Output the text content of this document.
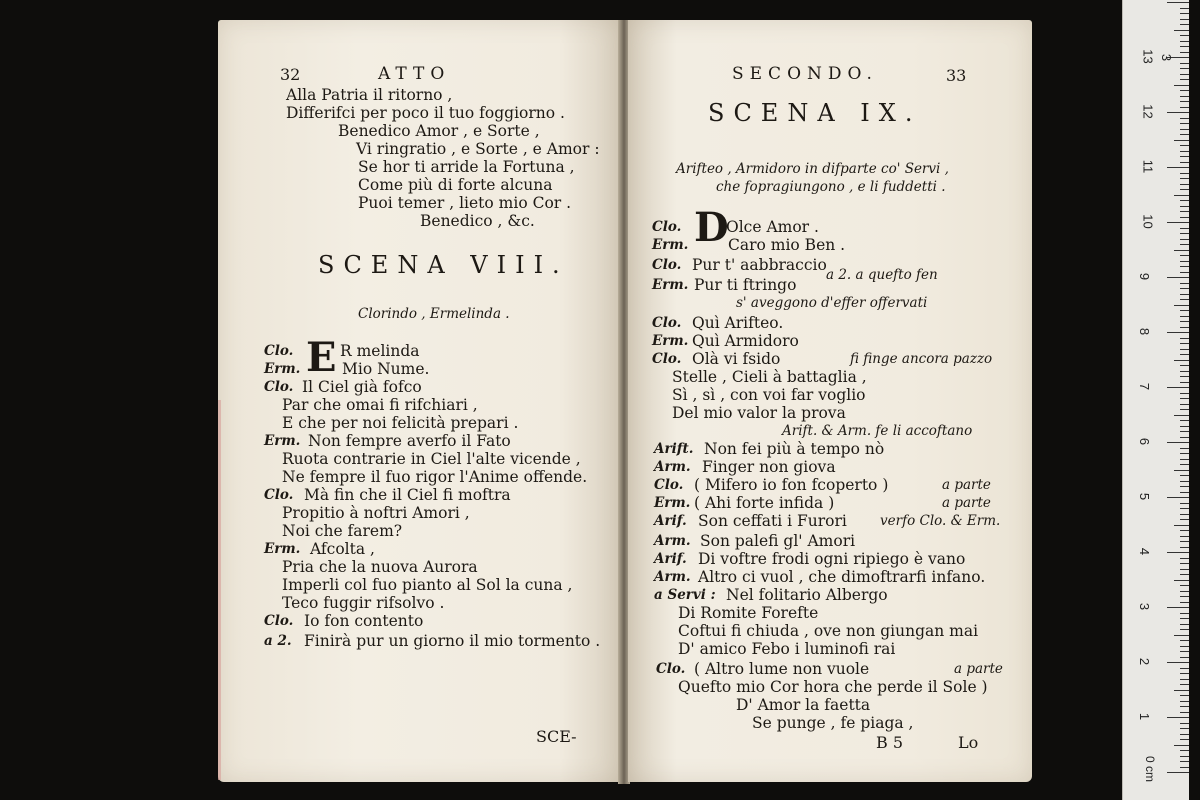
32	ATTO
Alla Patria il ritorno ,
Differifci per poco il tuo foggiorno .
Benedico Amor , e Sorte ,
Vi ringratio , e Sorte , e Amor :
Se hor ti arride la Fortuna ,
Come più di forte alcuna
Puoi temer , lieto mio Cor .
Benedico , &c.
SCENA VIII.
Clorindo , Ermelinda .
E
Clo.	R melinda
Erm.	Mio Nume.
Clo. Il Ciel già fofco
Par che omai fi rifchiari ,
E che per noi felicità prepari .
Erm. Non fempre averfo il Fato
Ruota contrarie in Ciel l'alte vicende ,
Ne fempre il fuo rigor l'Anime offende.
Clo. Mà fin che il Ciel fi moftra
Propitio à noftri Amori ,
Noi che farem?
Erm. Afcolta ,
Pria che la nuova Aurora
Imperli col fuo pianto al Sol la cuna ,
Teco fuggir rifsolvo .
Clo. Io fon contento
a 2. Finirà pur un giorno il mio tormento .
SCE-
SECONDO.	33
SCENA IX.
Arifteo , Armidoro in difparte co' Servi ,
che fopragiungono , e li fuddetti .
D
Clo.	Olce Amor .
Erm.	Caro mio Ben .
Clo. Pur t' aabbraccio
a 2. a quefto fen
Erm. Pur ti ftringo
s' aveggono d'effer offervati
Clo. Quì Arifteo.
Erm. Quì Armidoro
Clo. Olà vi fsido	fi finge ancora pazzo
Stelle , Cieli à battaglia ,
Sì , sì , con voi far voglio
Del mio valor la prova
Arift. & Arm. fe li accoftano
Arift. Non fei più à tempo nò
Arm. Finger non giova
Clo. ( Mifero io fon fcoperto )	a parte
Erm. ( Ahi forte infida )	a parte
Arif. Son ceffati i Furori verfo Clo. & Erm.
Arm. Son palefi gl' Amori
Arif. Di voftre frodi ogni ripiego è vano
Arm. Altro ci vuol , che dimoftrarfi infano.
a Servi : Nel folitario Albergo
Di Romite Forefte
Coftui fi chiuda , ove non giungan mai
D' amico Febo i luminofi rai
Clo. ( Altro lume non vuole	a parte
Quefto mio Cor hora che perde il Sole )
D' Amor la faetta
Se punge , fe piaga ,
B 5	Lo
13
12
11
10
9
8
7
6
5
4
3
2
1
0 cm
3
